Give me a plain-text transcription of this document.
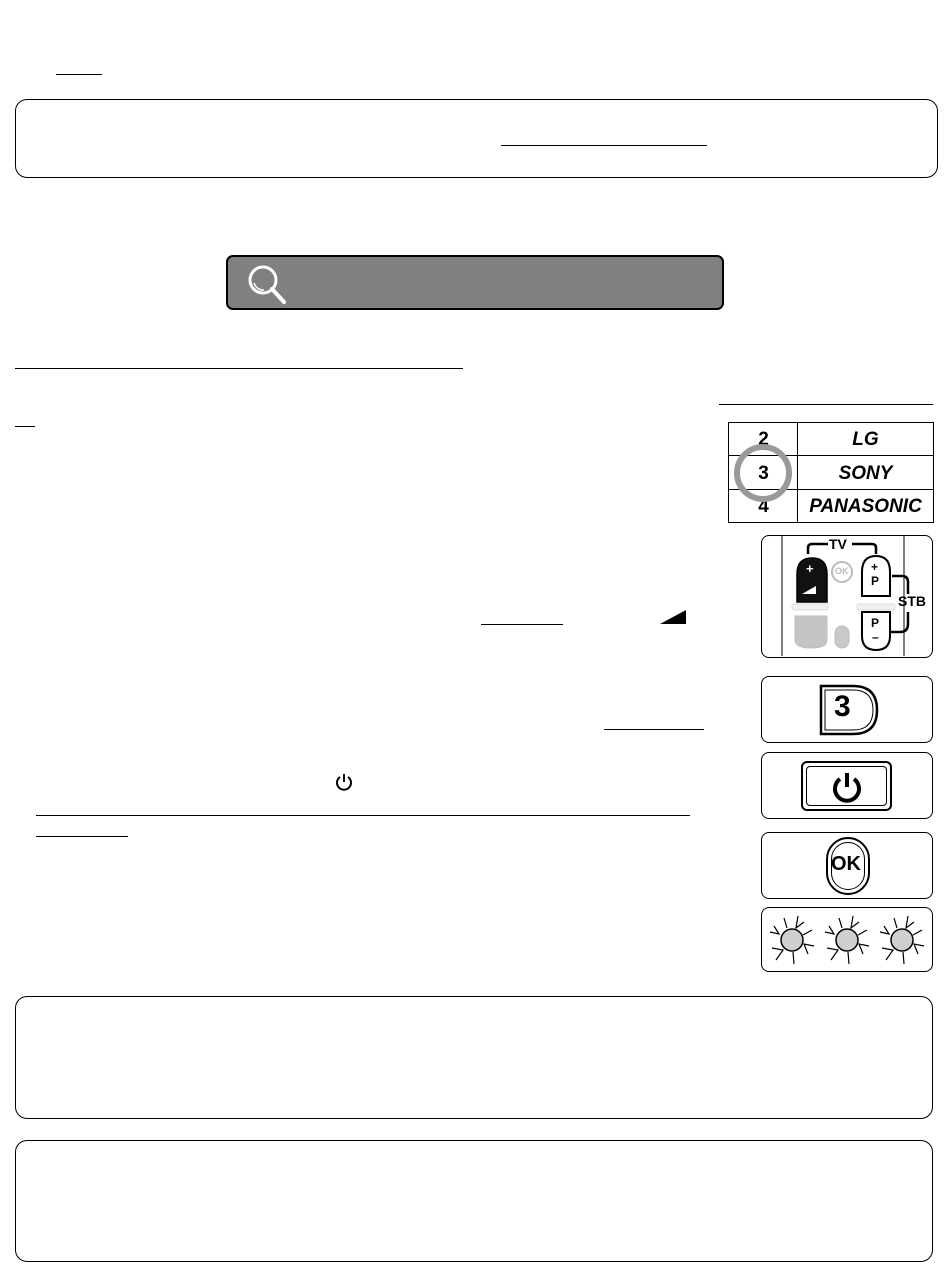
2	LG
3	SONY
4	PANASONIC
TV
STB
OK
+	+
P
P
–
3
OK
